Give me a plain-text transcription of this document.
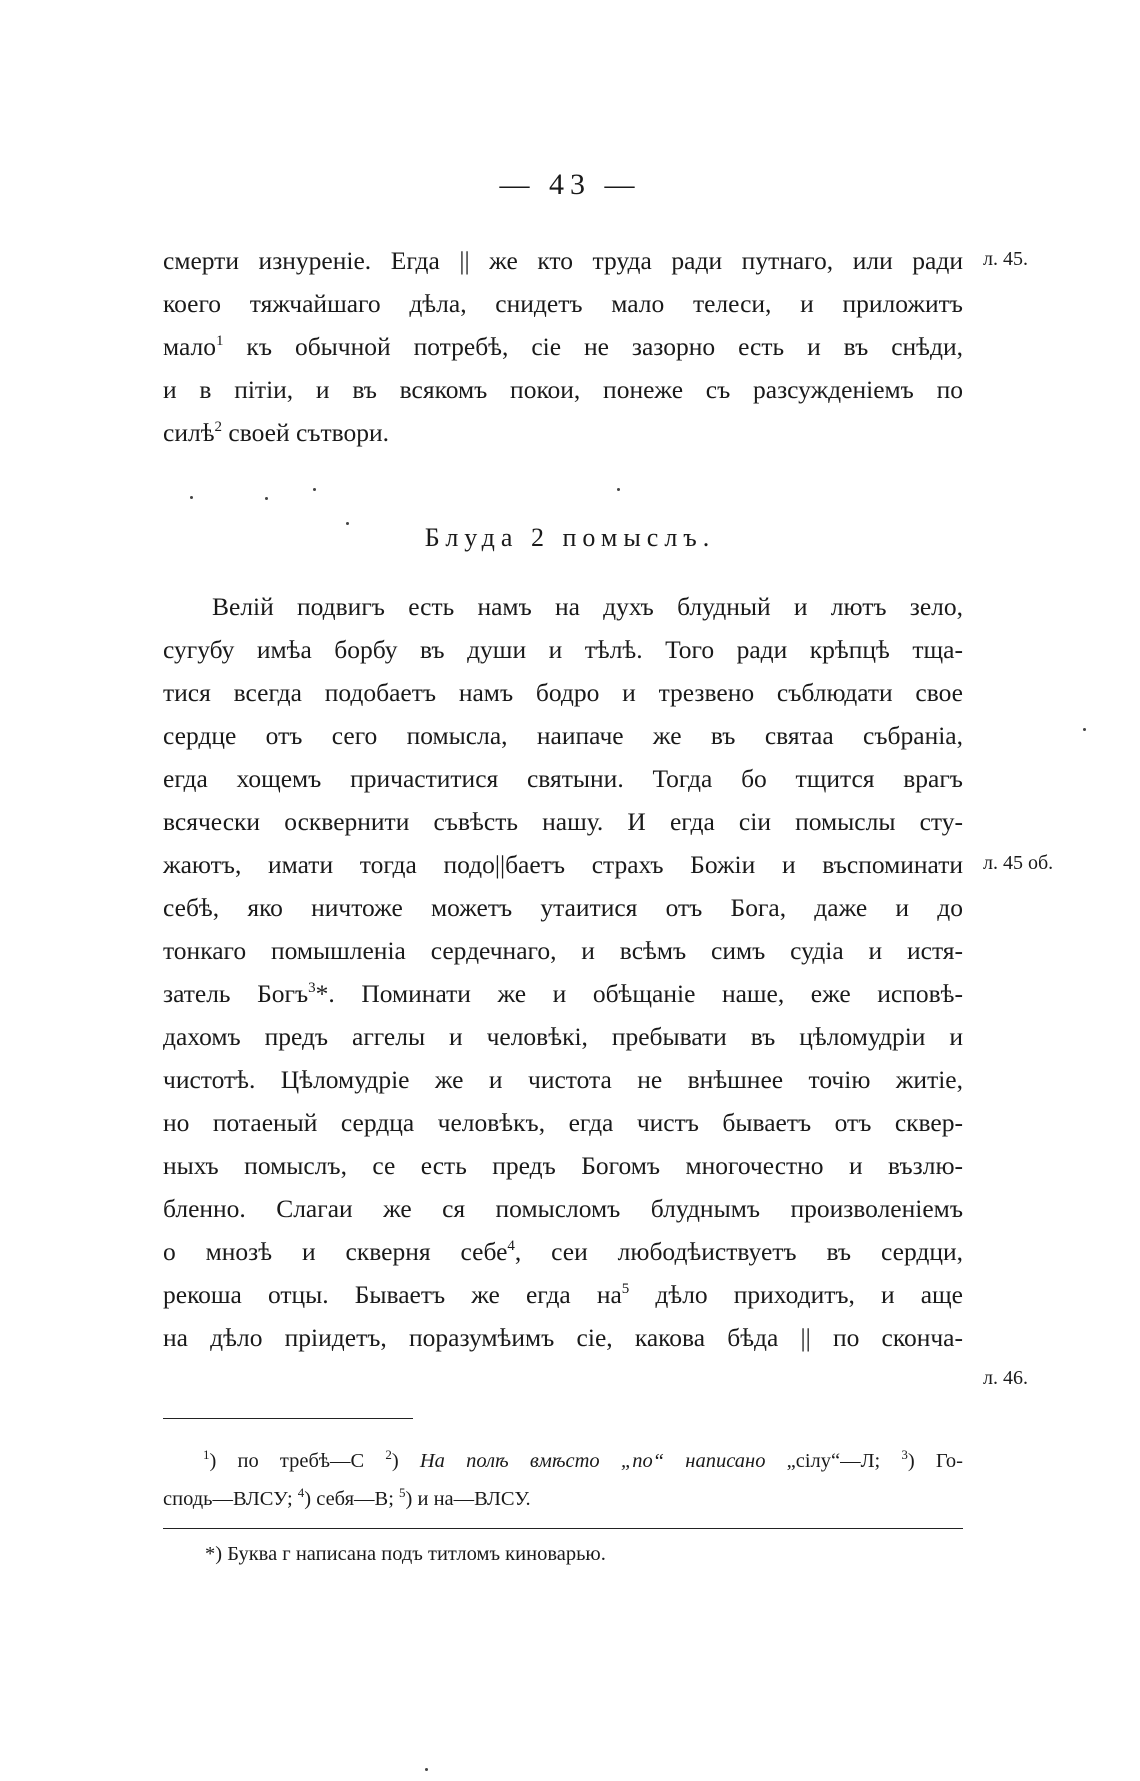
— 43 —
смерти изнуреніе. Егда || же кто труда ради путнаго, или ради
коего тяжчайшаго дѣла, снидетъ мало телеси, и приложитъ
мало$^1$ къ обычной потребѣ, сіе не зазорно есть и въ снѣди,
и в пітіи, и въ всякомъ покои, понеже съ разсужденіемъ по
силѣ$^2$ своей сътвори.
л. 45.
Блуда 2 помыслъ.
Велій подвигъ есть намъ на духъ блудный и лютъ зело,
сугубу имѣа борбу въ души и тѣлѣ. Того ради крѣпцѣ тща-
тися всегда подобаетъ намъ бодро и трезвено съблюдати свое
сердце отъ сего помысла, наипаче же въ святаа събраніа,
егда хощемъ причаститися святыни. Тогда бо тщится врагъ
всячески осквернити съвѣсть нашу. И егда сіи помыслы сту-
жаютъ, имати тогда подо||баетъ страхъ Божіи и въспоминати
себѣ, яко ничтоже можетъ утаитися отъ Бога, даже и до
тонкаго помышленіа сердечнаго, и всѣмъ симъ судіа и истя-
затель Богъ$^3$*. Поминати же и обѣщаніе наше, еже исповѣ-
дахомъ предъ аггелы и человѣкі, пребывати въ цѣломудріи и
чистотѣ. Цѣломудріе же и чистота не внѣшнее точію житіе,
но потаеный сердца человѣкъ, егда чистъ бываетъ отъ сквер-
ныхъ помыслъ, се есть предъ Богомъ многочестно и възлю-
бленно. Слагаи же ся помысломъ блуднымъ произволеніемъ
о мнозѣ и скверня себе$^4$, сеи любодѣиствуетъ въ сердци,
рекоша отцы. Бываетъ же егда $на^5$ дѣло приходитъ, и аще
на дѣло пріидетъ, поразумѣимъ сіе, какова бѣда || по скончa-
л. 45 об.
л. 46.
$^1$) по требѣ—С $^2$) На полѣ вмѣсто „по“ написано „сілу“—Л; $^3$) Го-
сподь—ВЛСУ; $^4$) себя—В; $^5$) и на—ВЛСУ.
*) Буква г написана подъ титломъ киноварью.
